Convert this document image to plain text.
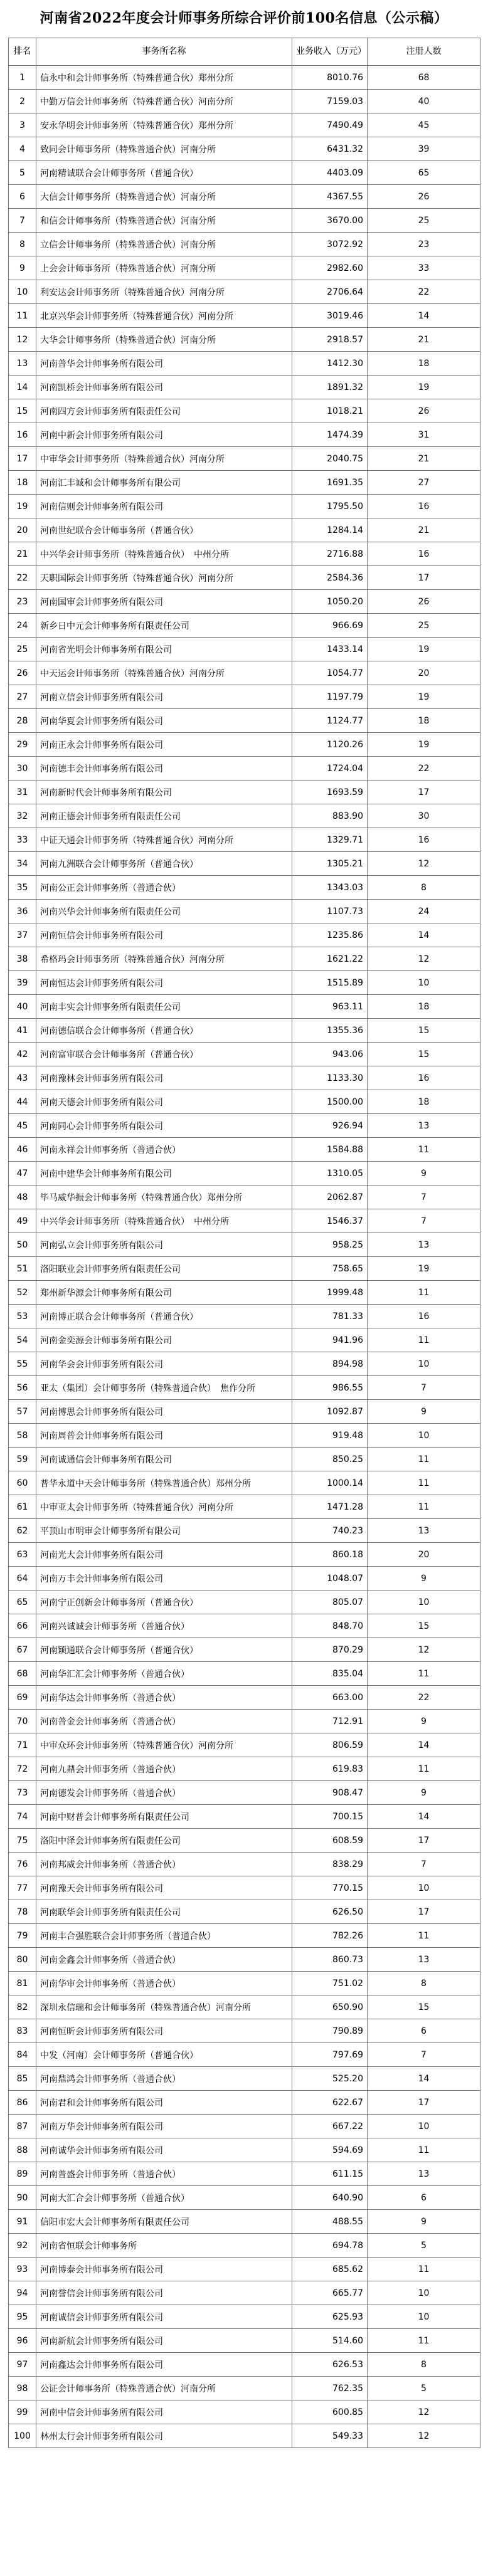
河南省2022年度会计师事务所综合评价前100名信息（公示稿）
排名	事务所名称	业务收入（万元）	注册人数
1	信永中和会计师事务所（特殊普通合伙）郑州分所	8010.76	68
2	中勤万信会计师事务所（特殊普通合伙）河南分所	7159.03	40
3	安永华明会计师事务所（特殊普通合伙）郑州分所	7490.49	45
4	致同会计师事务所（特殊普通合伙）河南分所	6431.32	39
5	河南精诚联合会计师事务所（普通合伙）	4403.09	65
6	大信会计师事务所（特殊普通合伙）河南分所	4367.55	26
7	和信会计师事务所（特殊普通合伙）河南分所	3670.00	25
8	立信会计师事务所（特殊普通合伙）河南分所	3072.92	23
9	上会会计师事务所（特殊普通合伙）河南分所	2982.60	33
10	利安达会计师事务所（特殊普通合伙）河南分所	2706.64	22
11	北京兴华会计师事务所（特殊普通合伙）河南分所	3019.46	14
12	大华会计师事务所（特殊普通合伙）河南分所	2918.57	21
13	河南普华会计师事务所有限公司	1412.30	18
14	河南凯桥会计师事务所有限公司	1891.32	19
15	河南四方会计师事务所有限责任公司	1018.21	26
16	河南中新会计师事务所有限公司	1474.39	31
17	中审华会计师事务所（特殊普通合伙）河南分所	2040.75	21
18	河南汇丰诚和会计师事务所有限公司	1691.35	27
19	河南信则会计师事务所有限公司	1795.50	16
20	河南世纪联合会计师事务所（普通合伙）	1284.14	21
21	中兴华会计师事务所（特殊普通合伙）　中州分所	2716.88	16
22	天职国际会计师事务所（特殊普通合伙）河南分所	2584.36	17
23	河南国审会计师事务所有限公司	1050.20	26
24	新乡日中元会计师事务所有限责任公司	966.69	25
25	河南省光明会计师事务所有限公司	1433.14	19
26	中天运会计师事务所（特殊普通合伙）河南分所	1054.77	20
27	河南立信会计师事务所有限公司	1197.79	19
28	河南华夏会计师事务所有限公司	1124.77	18
29	河南正永会计师事务所有限公司	1120.26	19
30	河南德丰会计师事务所有限公司	1724.04	22
31	河南新时代会计师事务所有限公司	1693.59	17
32	河南正德会计师事务所有限责任公司	883.90	30
33	中证天通会计师事务所（特殊普通合伙）河南分所	1329.71	16
34	河南九洲联合会计师事务所（普通合伙）	1305.21	12
35	河南公正会计师事务所（普通合伙）	1343.03	8
36	河南兴华会计师事务所有限责任公司	1107.73	24
37	河南恒信会计师事务所有限公司	1235.86	14
38	希格玛会计师事务所（特殊普通合伙）河南分所	1621.22	12
39	河南恒达会计师事务所有限公司	1515.89	10
40	河南丰实会计师事务所有限责任公司	963.11	18
41	河南德信联合会计师事务所（普通合伙）	1355.36	15
42	河南富审联合会计师事务所（普通合伙）	943.06	15
43	河南豫林会计师事务所有限公司	1133.30	16
44	河南天德会计师事务所有限公司	1500.00	18
45	河南同心会计师事务所有限公司	926.94	13
46	河南永祥会计师事务所（普通合伙）	1584.88	11
47	河南中建华会计师事务所有限公司	1310.05	9
48	毕马威华振会计师事务所（特殊普通合伙）郑州分所	2062.87	7
49	中兴华会计师事务所（特殊普通合伙）　中州分所	1546.37	7
50	河南弘立会计师事务所有限公司	958.25	13
51	洛阳联业会计师事务所有限责任公司	758.65	19
52	郑州新华源会计师事务所有限公司	1999.48	11
53	河南博正联合会计师事务所（普通合伙）	781.33	16
54	河南金奕源会计师事务所有限公司	941.96	11
55	河南华会会计师事务所有限公司	894.98	10
56	亚太（集团）会计师事务所（特殊普通合伙）　焦作分所	986.55	7
57	河南博思会计师事务所有限公司	1092.87	9
58	河南周普会计师事务所有限公司	919.48	10
59	河南诚通信会计师事务所有限公司	850.25	11
60	普华永道中天会计师事务所（特殊普通合伙）郑州分所	1000.14	11
61	中审亚太会计师事务所（特殊普通合伙）河南分所	1471.28	11
62	平顶山市明审会计师事务所有限公司	740.23	13
63	河南光大会计师事务所有限公司	860.18	20
64	河南万丰会计师事务所有限公司	1048.07	9
65	河南宁正创新会计师事务所（普通合伙）	805.07	10
66	河南兴诚诚会计师事务所（普通合伙）	848.70	15
67	河南颖通联合会计师事务所（普通合伙）	870.29	12
68	河南华汇汇会计师事务所（普通合伙）	835.04	11
69	河南华达会计师事务所（普通合伙）	663.00	22
70	河南普金会计师事务所（普通合伙）	712.91	9
71	中审众环会计师事务所（特殊普通合伙）河南分所	806.59	14
72	河南九鼎会计师事务所（普通合伙）	619.83	11
73	河南德发会计师事务所（普通合伙）	908.47	9
74	河南中财普会计师事务所有限责任公司	700.15	14
75	洛阳中泽会计师事务所有限责任公司	608.59	17
76	河南邦威会计师事务所（普通合伙）	838.29	7
77	河南豫天会计师事务所有限公司	770.15	10
78	河南联华会计师事务所有限责任公司	626.50	17
79	河南丰合强胜联合会计师事务所（普通合伙）	782.26	11
80	河南金鑫会计师事务所（普通合伙）	860.73	13
81	河南华审会计师事务所（普通合伙）	751.02	8
82	深圳永信瑞和会计师事务所（特殊普通合伙）河南分所	650.90	15
83	河南恒昕会计师事务所有限公司	790.89	6
84	中发（河南）会计师事务所（普通合伙）	797.69	7
85	河南鼎鸿会计师事务所（普通合伙）	525.20	14
86	河南君和会计师事务所有限公司	622.67	17
87	河南万华会计师事务所有限公司	667.22	10
88	河南诚华会计师事务所有限公司	594.69	11
89	河南普盛会计师事务所（普通合伙）	611.15	13
90	河南大汇合会计师事务所（普通合伙）	640.90	6
91	信阳市宏大会计师事务所有限责任公司	488.55	9
92	河南省恒联会计师事务所	694.78	5
93	河南博泰会计师事务所有限公司	685.62	11
94	河南誉信会计师事务所有限公司	665.77	10
95	河南诚信会计师事务所有限公司	625.93	10
96	河南新航会计师事务所有限公司	514.60	11
97	河南鑫达会计师事务所有限公司	626.53	8
98	公证会计师事务所（特殊普通合伙）河南分所	762.35	5
99	河南中信会计师事务所有限公司	600.85	12
100	林州太行会计师事务所有限公司	549.33	12
